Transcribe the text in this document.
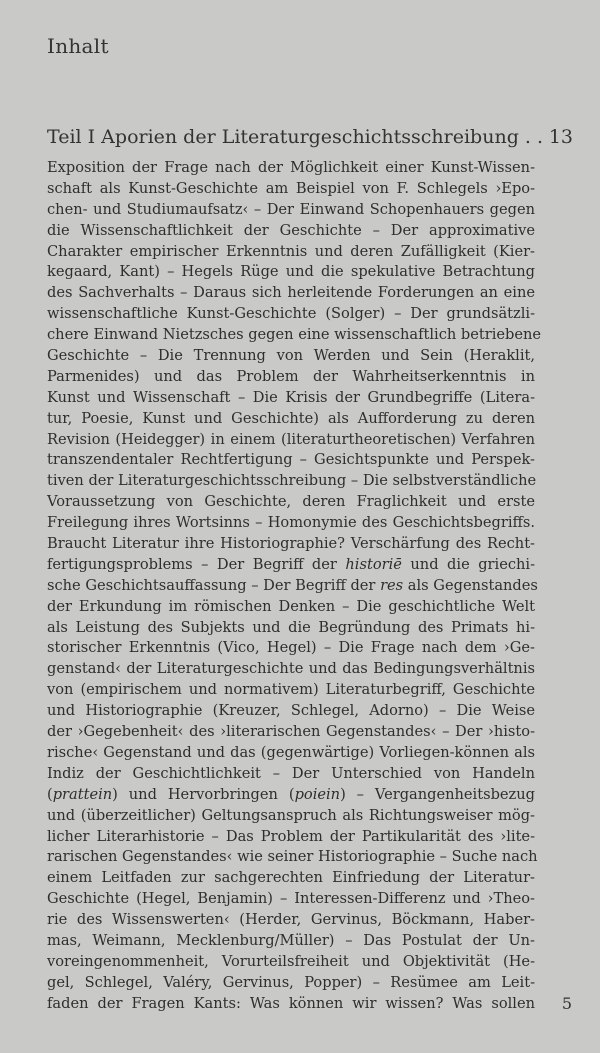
Inhalt
Teil I Aporien der Literaturgeschichtsschreibung . . 13
Exposition der Frage nach der Möglichkeit einer Kunst-Wissen-
schaft als Kunst-Geschichte am Beispiel von F. Schlegels ›Epo-
chen- und Studiumaufsatz‹ – Der Einwand Schopenhauers gegen
die Wissenschaftlichkeit der Geschichte – Der approximative
Charakter empirischer Erkenntnis und deren Zufälligkeit (Kier-
kegaard, Kant) – Hegels Rüge und die spekulative Betrachtung
des Sachverhalts – Daraus sich herleitende Forderungen an eine
wissenschaftliche Kunst-Geschichte (Solger) – Der grundsätzli-
chere Einwand Nietzsches gegen eine wissenschaftlich betriebene
Geschichte – Die Trennung von Werden und Sein (Heraklit,
Parmenides) und das Problem der Wahrheitserkenntnis in
Kunst und Wissenschaft – Die Krisis der Grundbegriffe (Litera-
tur, Poesie, Kunst und Geschichte) als Aufforderung zu deren
Revision (Heidegger) in einem (literaturtheoretischen) Verfahren
transzendentaler Rechtfertigung – Gesichtspunkte und Perspek-
tiven der Literaturgeschichtsschreibung – Die selbstverständliche
Voraussetzung von Geschichte, deren Fraglichkeit und erste
Freilegung ihres Wortsinns – Homonymie des Geschichtsbegriffs.
Braucht Literatur ihre Historiographie? Verschärfung des Recht-
fertigungsproblems – Der Begriff der historiē und die griechi-
sche Geschichtsauffassung – Der Begriff der res als Gegenstandes
der Erkundung im römischen Denken – Die geschichtliche Welt
als Leistung des Subjekts und die Begründung des Primats hi-
storischer Erkenntnis (Vico, Hegel) – Die Frage nach dem ›Ge-
genstand‹ der Literaturgeschichte und das Bedingungsverhältnis
von (empirischem und normativem) Literaturbegriff, Geschichte
und Historiographie (Kreuzer, Schlegel, Adorno) – Die Weise
der ›Gegebenheit‹ des ›literarischen Gegenstandes‹ – Der ›histo-
rische‹ Gegenstand und das (gegenwärtige) Vorliegen-können als
Indiz der Geschichtlichkeit – Der Unterschied von Handeln
(prattein) und Hervorbringen (poiein) – Vergangenheitsbezug
und (überzeitlicher) Geltungsanspruch als Richtungsweiser mög-
licher Literarhistorie – Das Problem der Partikularität des ›lite-
rarischen Gegenstandes‹ wie seiner Historiographie – Suche nach
einem Leitfaden zur sachgerechten Einfriedung der Literatur-
Geschichte (Hegel, Benjamin) – Interessen-Differenz und ›Theo-
rie des Wissenswerten‹ (Herder, Gervinus, Böckmann, Haber-
mas, Weimann, Mecklenburg/Müller) – Das Postulat der Un-
voreingenommenheit, Vorurteilsfreiheit und Objektivität (He-
gel, Schlegel, Valéry, Gervinus, Popper) – Resümee am Leit-
faden der Fragen Kants: Was können wir wissen? Was sollen 5
